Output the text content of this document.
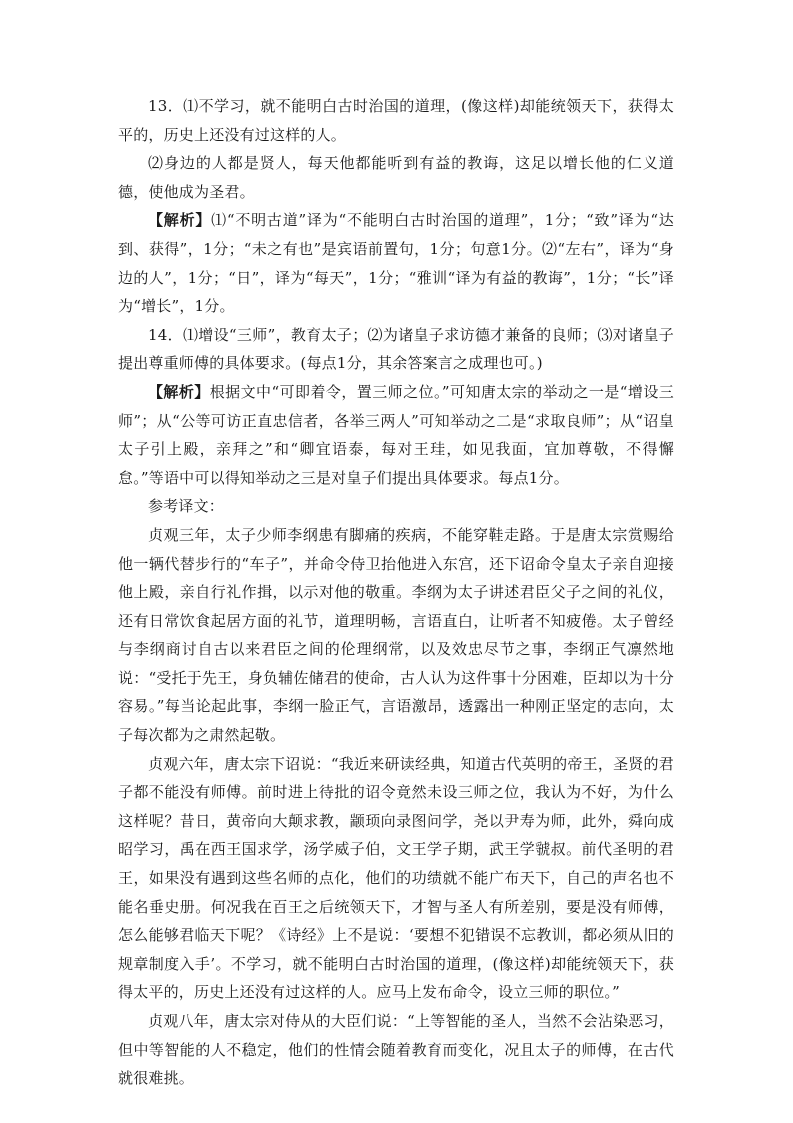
13．⑴不学习，就不能明白古时治国的道理，(像这样)却能统领天下，获得太平的，历史上还没有过这样的人。

⑵身边的人都是贤人，每天他都能听到有益的教诲，这足以增长他的仁义道德，使他成为圣君。

【解析】⑴“不明古道”译为“不能明白古时治国的道理”，1分；“致”译为“达到、获得”，1分；“未之有也”是宾语前置句，1分；句意1分。⑵“左右”，译为“身边的人”，1分；“日”，译为“每天”，1分；“雅训“译为有益的教诲”，1分；“长”译为“增长”，1分。

14．⑴增设“三师”，教育太子；⑵为诸皇子求访德才兼备的良师；⑶对诸皇子提出尊重师傅的具体要求。(每点1分，其余答案言之成理也可。)

【解析】根据文中“可即着令，置三师之位。”可知唐太宗的举动之一是“增设三师”；从“公等可访正直忠信者，各举三两人”可知举动之二是“求取良师”；从“诏皇太子引上殿，亲拜之”和“卿宜语泰，每对王珪，如见我面，宜加尊敬，不得懈怠。”等语中可以得知举动之三是对皇子们提出具体要求。每点1分。

参考译文：

贞观三年，太子少师李纲患有脚痛的疾病，不能穿鞋走路。于是唐太宗赏赐给他一辆代替步行的“车子”，并命令侍卫抬他进入东宫，还下诏命令皇太子亲自迎接他上殿，亲自行礼作揖，以示对他的敬重。李纲为太子讲述君臣父子之间的礼仪，还有日常饮食起居方面的礼节，道理明畅，言语直白，让听者不知疲倦。太子曾经与李纲商讨自古以来君臣之间的伦理纲常，以及效忠尽节之事，李纲正气凛然地说：“受托于先王，身负辅佐储君的使命，古人认为这件事十分困难，臣却以为十分容易。”每当论起此事，李纲一脸正气，言语激昂，透露出一种刚正坚定的志向，太子每次都为之肃然起敬。

贞观六年，唐太宗下诏说：“我近来研读经典，知道古代英明的帝王，圣贤的君子都不能没有师傅。前时进上待批的诏令竟然未设三师之位，我认为不好，为什么这样呢？昔日，黄帝向大颠求教，颛顼向录图问学，尧以尹寿为师，此外，舜向成昭学习，禹在西王国求学，汤学威子伯，文王学子期，武王学虢叔。前代圣明的君王，如果没有遇到这些名师的点化，他们的功绩就不能广布天下，自己的声名也不能名垂史册。何况我在百王之后统领天下，才智与圣人有所差别，要是没有师傅，怎么能够君临天下呢？《诗经》上不是说：‘要想不犯错误不忘教训，都必须从旧的规章制度入手’。不学习，就不能明白古时治国的道理，(像这样)却能统领天下，获得太平的，历史上还没有过这样的人。应马上发布命令，设立三师的职位。”

贞观八年，唐太宗对侍从的大臣们说：“上等智能的圣人，当然不会沾染恶习，但中等智能的人不稳定，他们的性情会随着教育而变化，况且太子的师傅，在古代就很难挑。
